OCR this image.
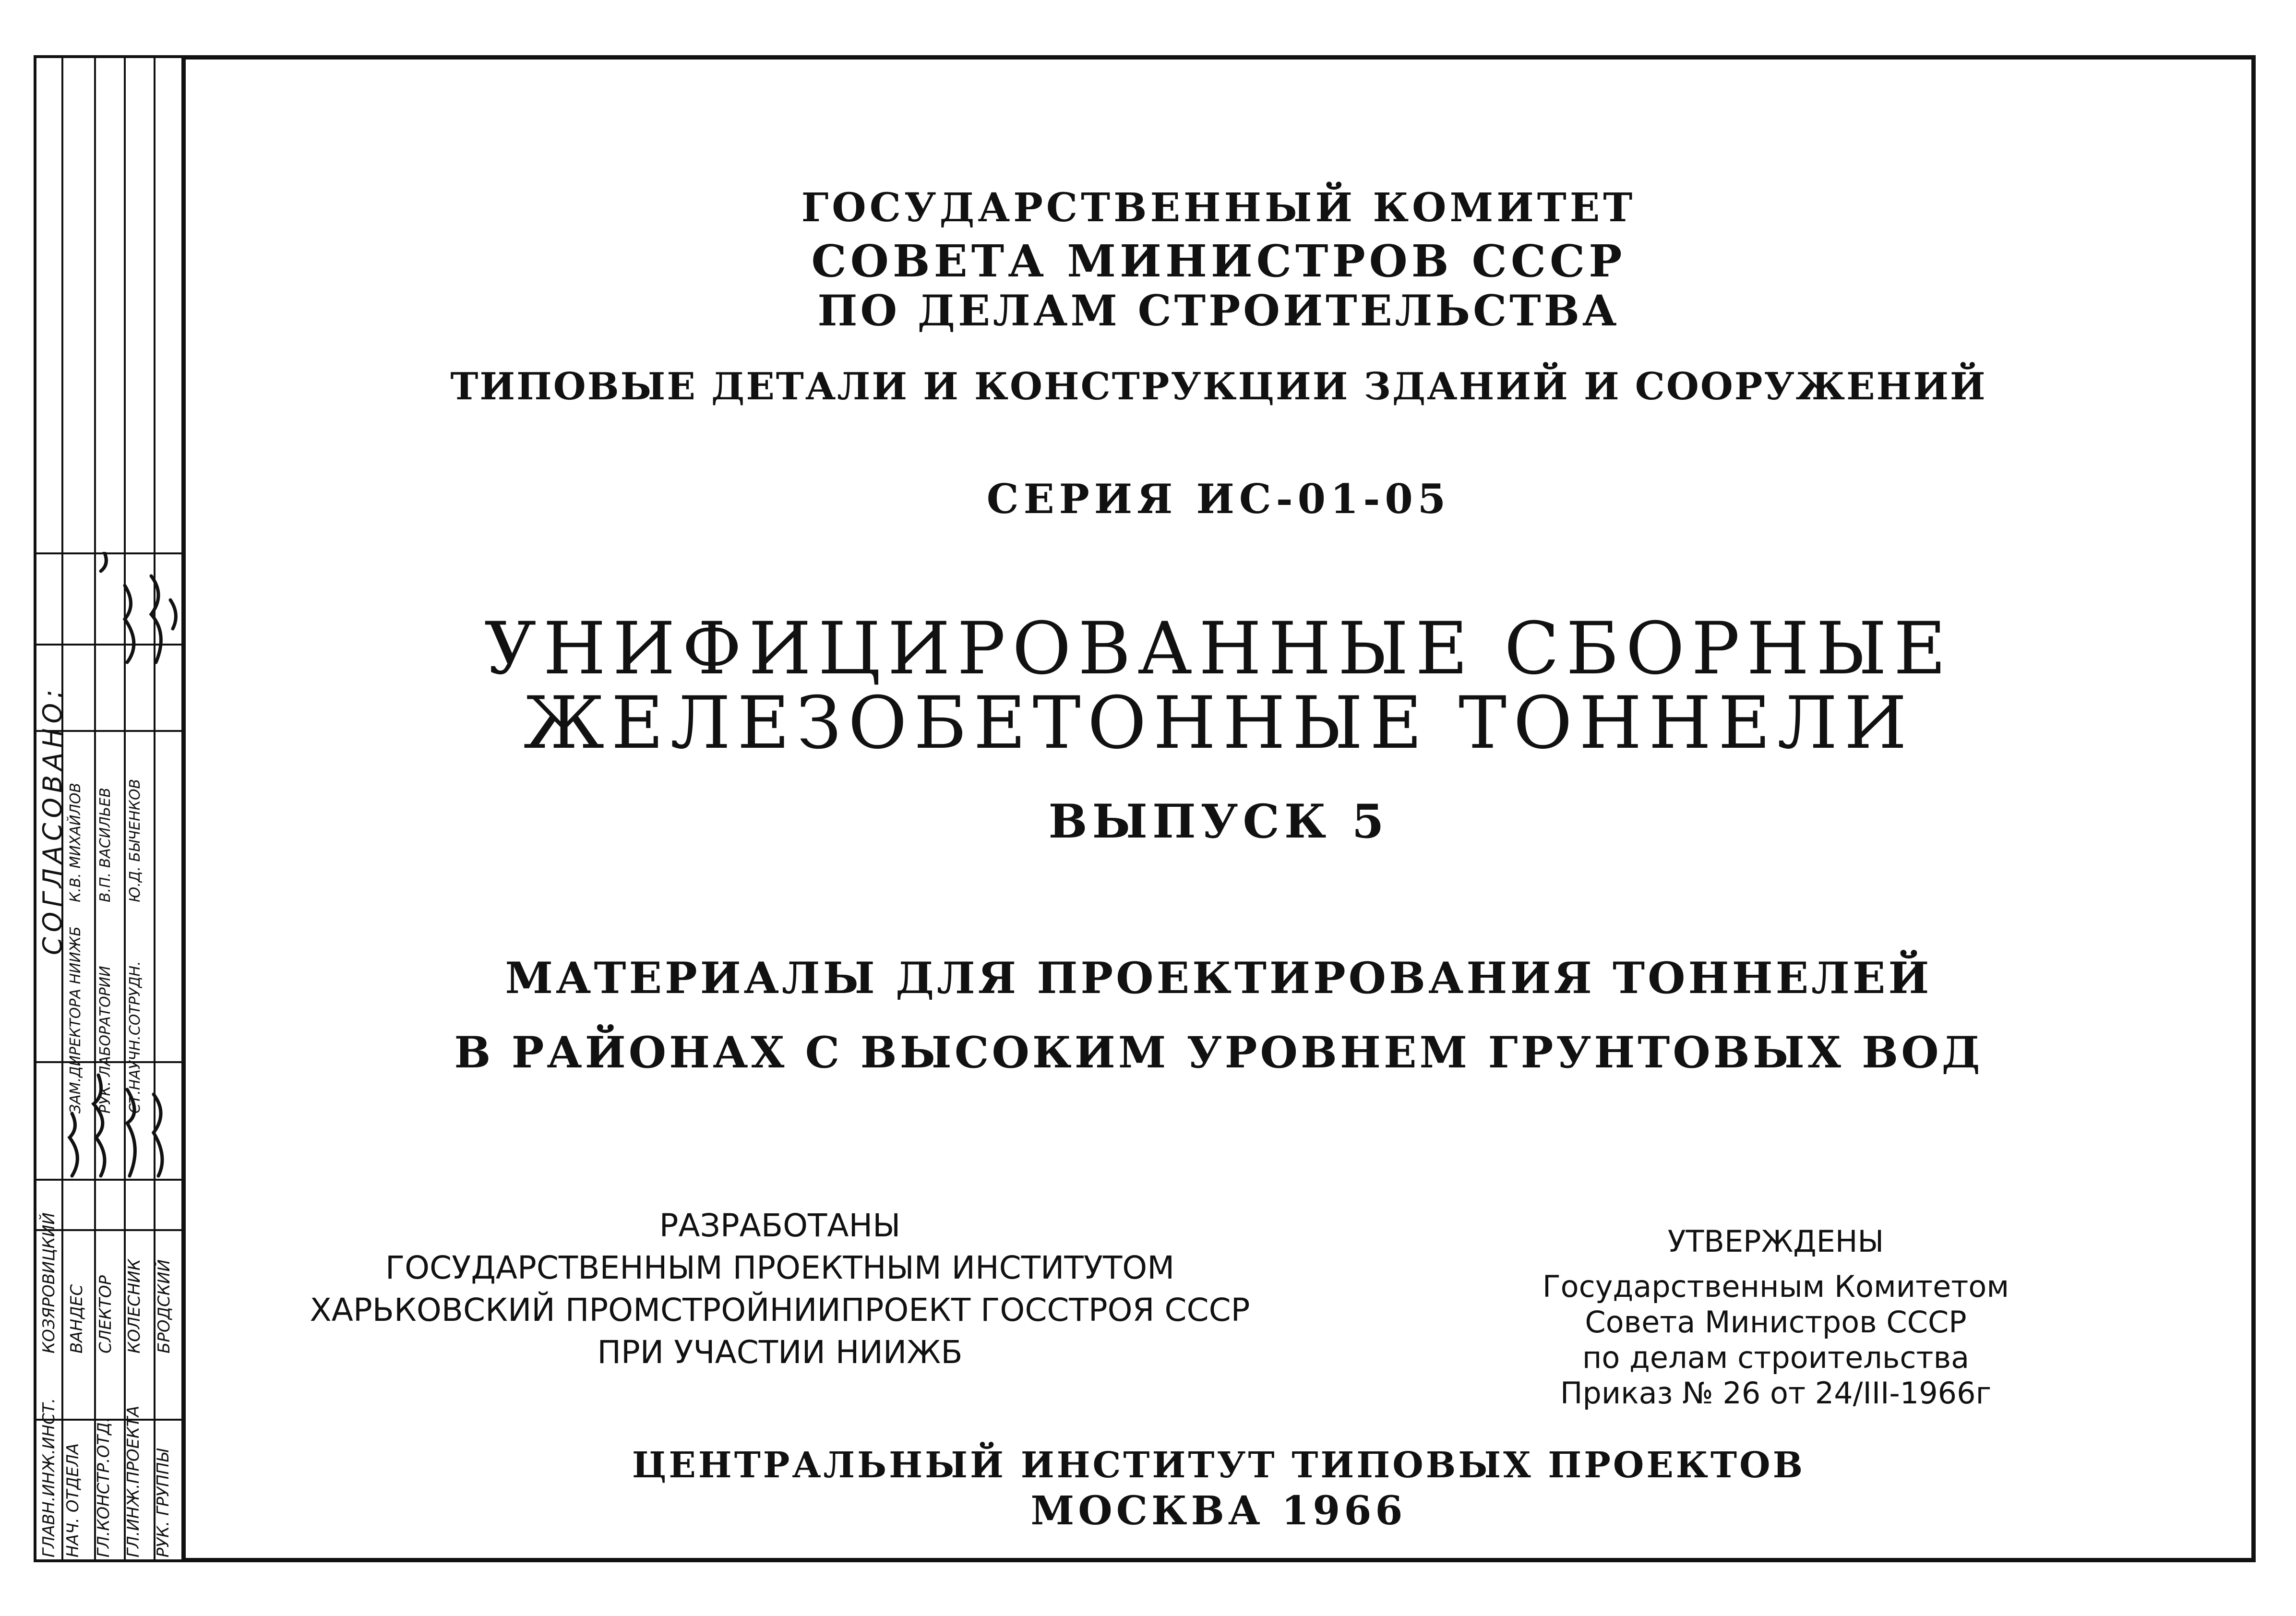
ГЛАВН.ИНЖ.ИНСТ. НАЧ. ОТДЕЛА ГЛ.КОНСТР.ОТД. ГЛ.ИНЖ.ПРОЕКТА РУК. ГРУППЫ
КОЗЯРОВИЦКИЙ ВАНДЕС СЛЕКТОР КОЛЕСНИК БРОДСКИЙ
СОГЛАСОВАНО:
ЗАМ.ДИРЕКТОРА НИИЖБ РУК. ЛАБОРАТОРИИ СТ.НАУЧН.СОТРУДН.
К.В. МИХАЙЛОВ В.П. ВАСИЛЬЕВ Ю.Д. БЫЧЕНКОВ
ГОСУДАРСТВЕННЫЙ КОМИТЕТ
СОВЕТА МИНИСТРОВ СССР
ПО ДЕЛАМ СТРОИТЕЛЬСТВА
ТИПОВЫЕ ДЕТАЛИ И КОНСТРУКЦИИ ЗДАНИЙ И СООРУЖЕНИЙ
СЕРИЯ ИС-01-05
УНИФИЦИРОВАННЫЕ СБОРНЫЕ
ЖЕЛЕЗОБЕТОННЫЕ ТОННЕЛИ
ВЫПУСК 5
МАТЕРИАЛЫ ДЛЯ ПРОЕКТИРОВАНИЯ ТОННЕЛЕЙ
В РАЙОНАХ С ВЫСОКИМ УРОВНЕМ ГРУНТОВЫХ ВОД
РАЗРАБОТАНЫ
ГОСУДАРСТВЕННЫМ ПРОЕКТНЫМ ИНСТИТУТОМ
ХАРЬКОВСКИЙ ПРОМСТРОЙНИИПРОЕКТ ГОССТРОЯ СССР
ПРИ УЧАСТИИ НИИЖБ
УТВЕРЖДЕНЫ
Государственным Комитетом
Совета Министров СССР
по делам строительства
Приказ № 26 от 24/III-1966г
ЦЕНТРАЛЬНЫЙ ИНСТИТУТ ТИПОВЫХ ПРОЕКТОВ
МОСКВА 1966
